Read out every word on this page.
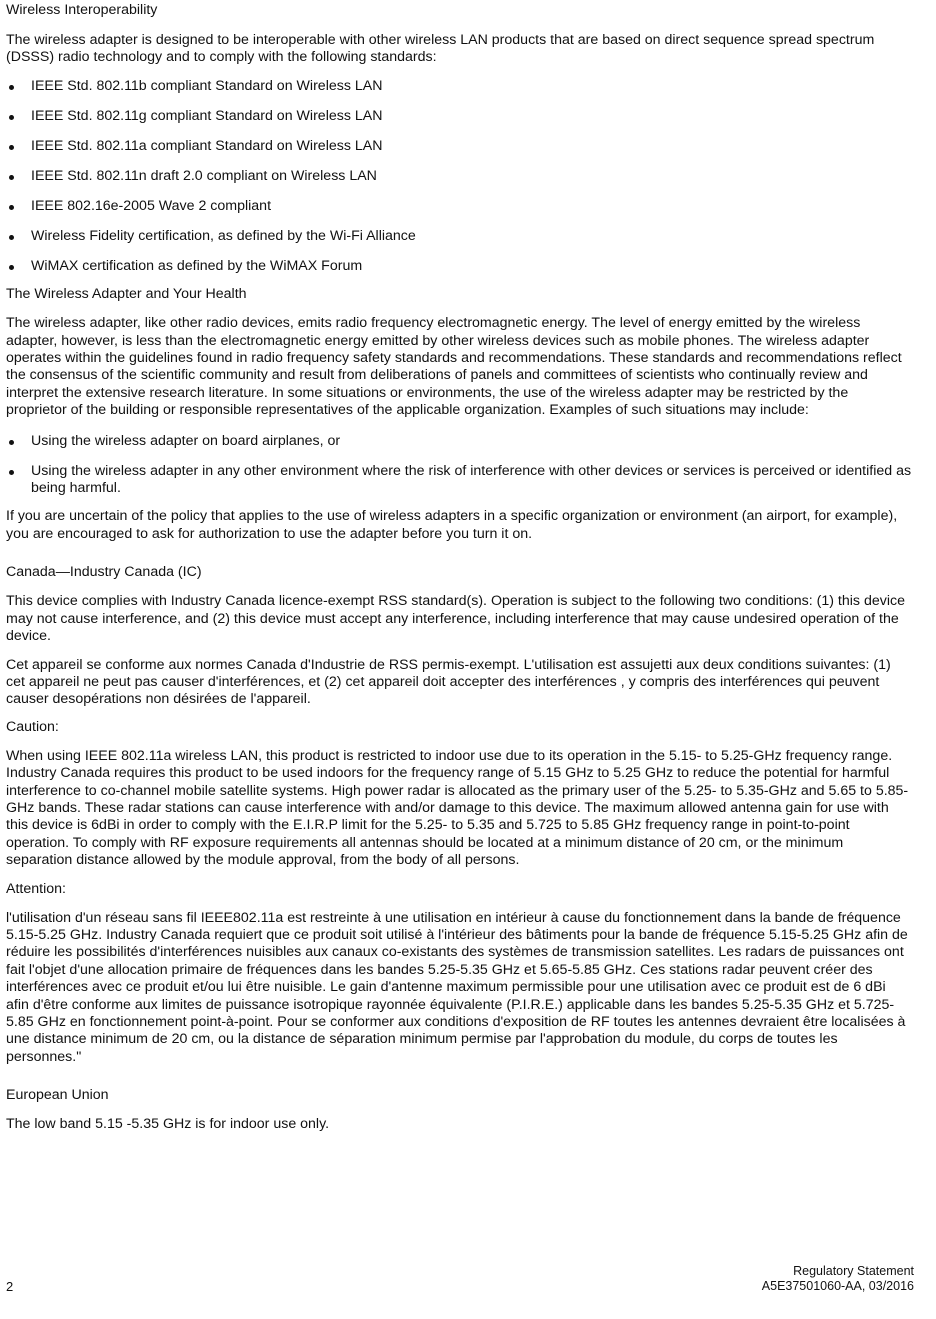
Wireless Interoperability
The wireless adapter is designed to be interoperable with other wireless LAN products that are based on direct sequence spread spectrum (DSSS) radio technology and to comply with the following standards:
IEEE Std. 802.11b compliant Standard on Wireless LAN
IEEE Std. 802.11g compliant Standard on Wireless LAN
IEEE Std. 802.11a compliant Standard on Wireless LAN
IEEE Std. 802.11n draft 2.0 compliant on Wireless LAN
IEEE 802.16e-2005 Wave 2 compliant
Wireless Fidelity certification, as defined by the Wi-Fi Alliance
WiMAX certification as defined by the WiMAX Forum
The Wireless Adapter and Your Health
The wireless adapter, like other radio devices, emits radio frequency electromagnetic energy. The level of energy emitted by the wireless adapter, however, is less than the electromagnetic energy emitted by other wireless devices such as mobile phones. The wireless adapter operates within the guidelines found in radio frequency safety standards and recommendations. These standards and recommendations reflect the consensus of the scientific community and result from deliberations of panels and committees of scientists who continually review and interpret the extensive research literature. In some situations or environments, the use of the wireless adapter may be restricted by the proprietor of the building or responsible representatives of the applicable organization. Examples of such situations may include:
Using the wireless adapter on board airplanes, or
Using the wireless adapter in any other environment where the risk of interference with other devices or services is perceived or identified as being harmful.
If you are uncertain of the policy that applies to the use of wireless adapters in a specific organization or environment (an airport, for example), you are encouraged to ask for authorization to use the adapter before you turn it on.
Canada—Industry Canada (IC)
This device complies with Industry Canada licence-exempt RSS standard(s). Operation is subject to the following two conditions: (1) this device may not cause interference, and (2) this device must accept any interference, including interference that may cause undesired operation of the device.
Cet appareil se conforme aux normes Canada d'Industrie de RSS permis-exempt. L'utilisation est assujetti aux deux conditions suivantes: (1) cet appareil ne peut pas causer d'interférences, et (2) cet appareil doit accepter des interférences , y compris des interférences qui peuvent causer desopérations non désirées de l'appareil.
Caution:
When using IEEE 802.11a wireless LAN, this product is restricted to indoor use due to its operation in the 5.15- to 5.25-GHz frequency range. Industry Canada requires this product to be used indoors for the frequency range of 5.15 GHz to 5.25 GHz to reduce the potential for harmful interference to co-channel mobile satellite systems. High power radar is allocated as the primary user of the 5.25- to 5.35-GHz and 5.65 to 5.85-GHz bands. These radar stations can cause interference with and/or damage to this device. The maximum allowed antenna gain for use with this device is 6dBi in order to comply with the E.I.R.P limit for the 5.25- to 5.35 and 5.725 to 5.85 GHz frequency range in point-to-point operation. To comply with RF exposure requirements all antennas should be located at a minimum distance of 20 cm, or the minimum separation distance allowed by the module approval, from the body of all persons.
Attention:
l'utilisation d'un réseau sans fil IEEE802.11a est restreinte à une utilisation en intérieur à cause du fonctionnement dans la bande de fréquence 5.15-5.25 GHz. Industry Canada requiert que ce produit soit utilisé à l'intérieur des bâtiments pour la bande de fréquence 5.15-5.25 GHz afin de réduire les possibilités d'interférences nuisibles aux canaux co-existants des systèmes de transmission satellites. Les radars de puissances ont fait l'objet d'une allocation primaire de fréquences dans les bandes 5.25-5.35 GHz et 5.65-5.85 GHz. Ces stations radar peuvent créer des interférences avec ce produit et/ou lui être nuisible. Le gain d'antenne maximum permissible pour une utilisation avec ce produit est de 6 dBi afin d'être conforme aux limites de puissance isotropique rayonnée équivalente (P.I.R.E.) applicable dans les bandes 5.25-5.35 GHz et 5.725-5.85 GHz en fonctionnement point-à-point. Pour se conformer aux conditions d'exposition de RF toutes les antennes devraient être localisées à une distance minimum de 20 cm, ou la distance de séparation minimum permise par l'approbation du module, du corps de toutes les personnes."
European Union
The low band 5.15 -5.35 GHz is for indoor use only.
2
Regulatory Statement
A5E37501060-AA, 03/2016
